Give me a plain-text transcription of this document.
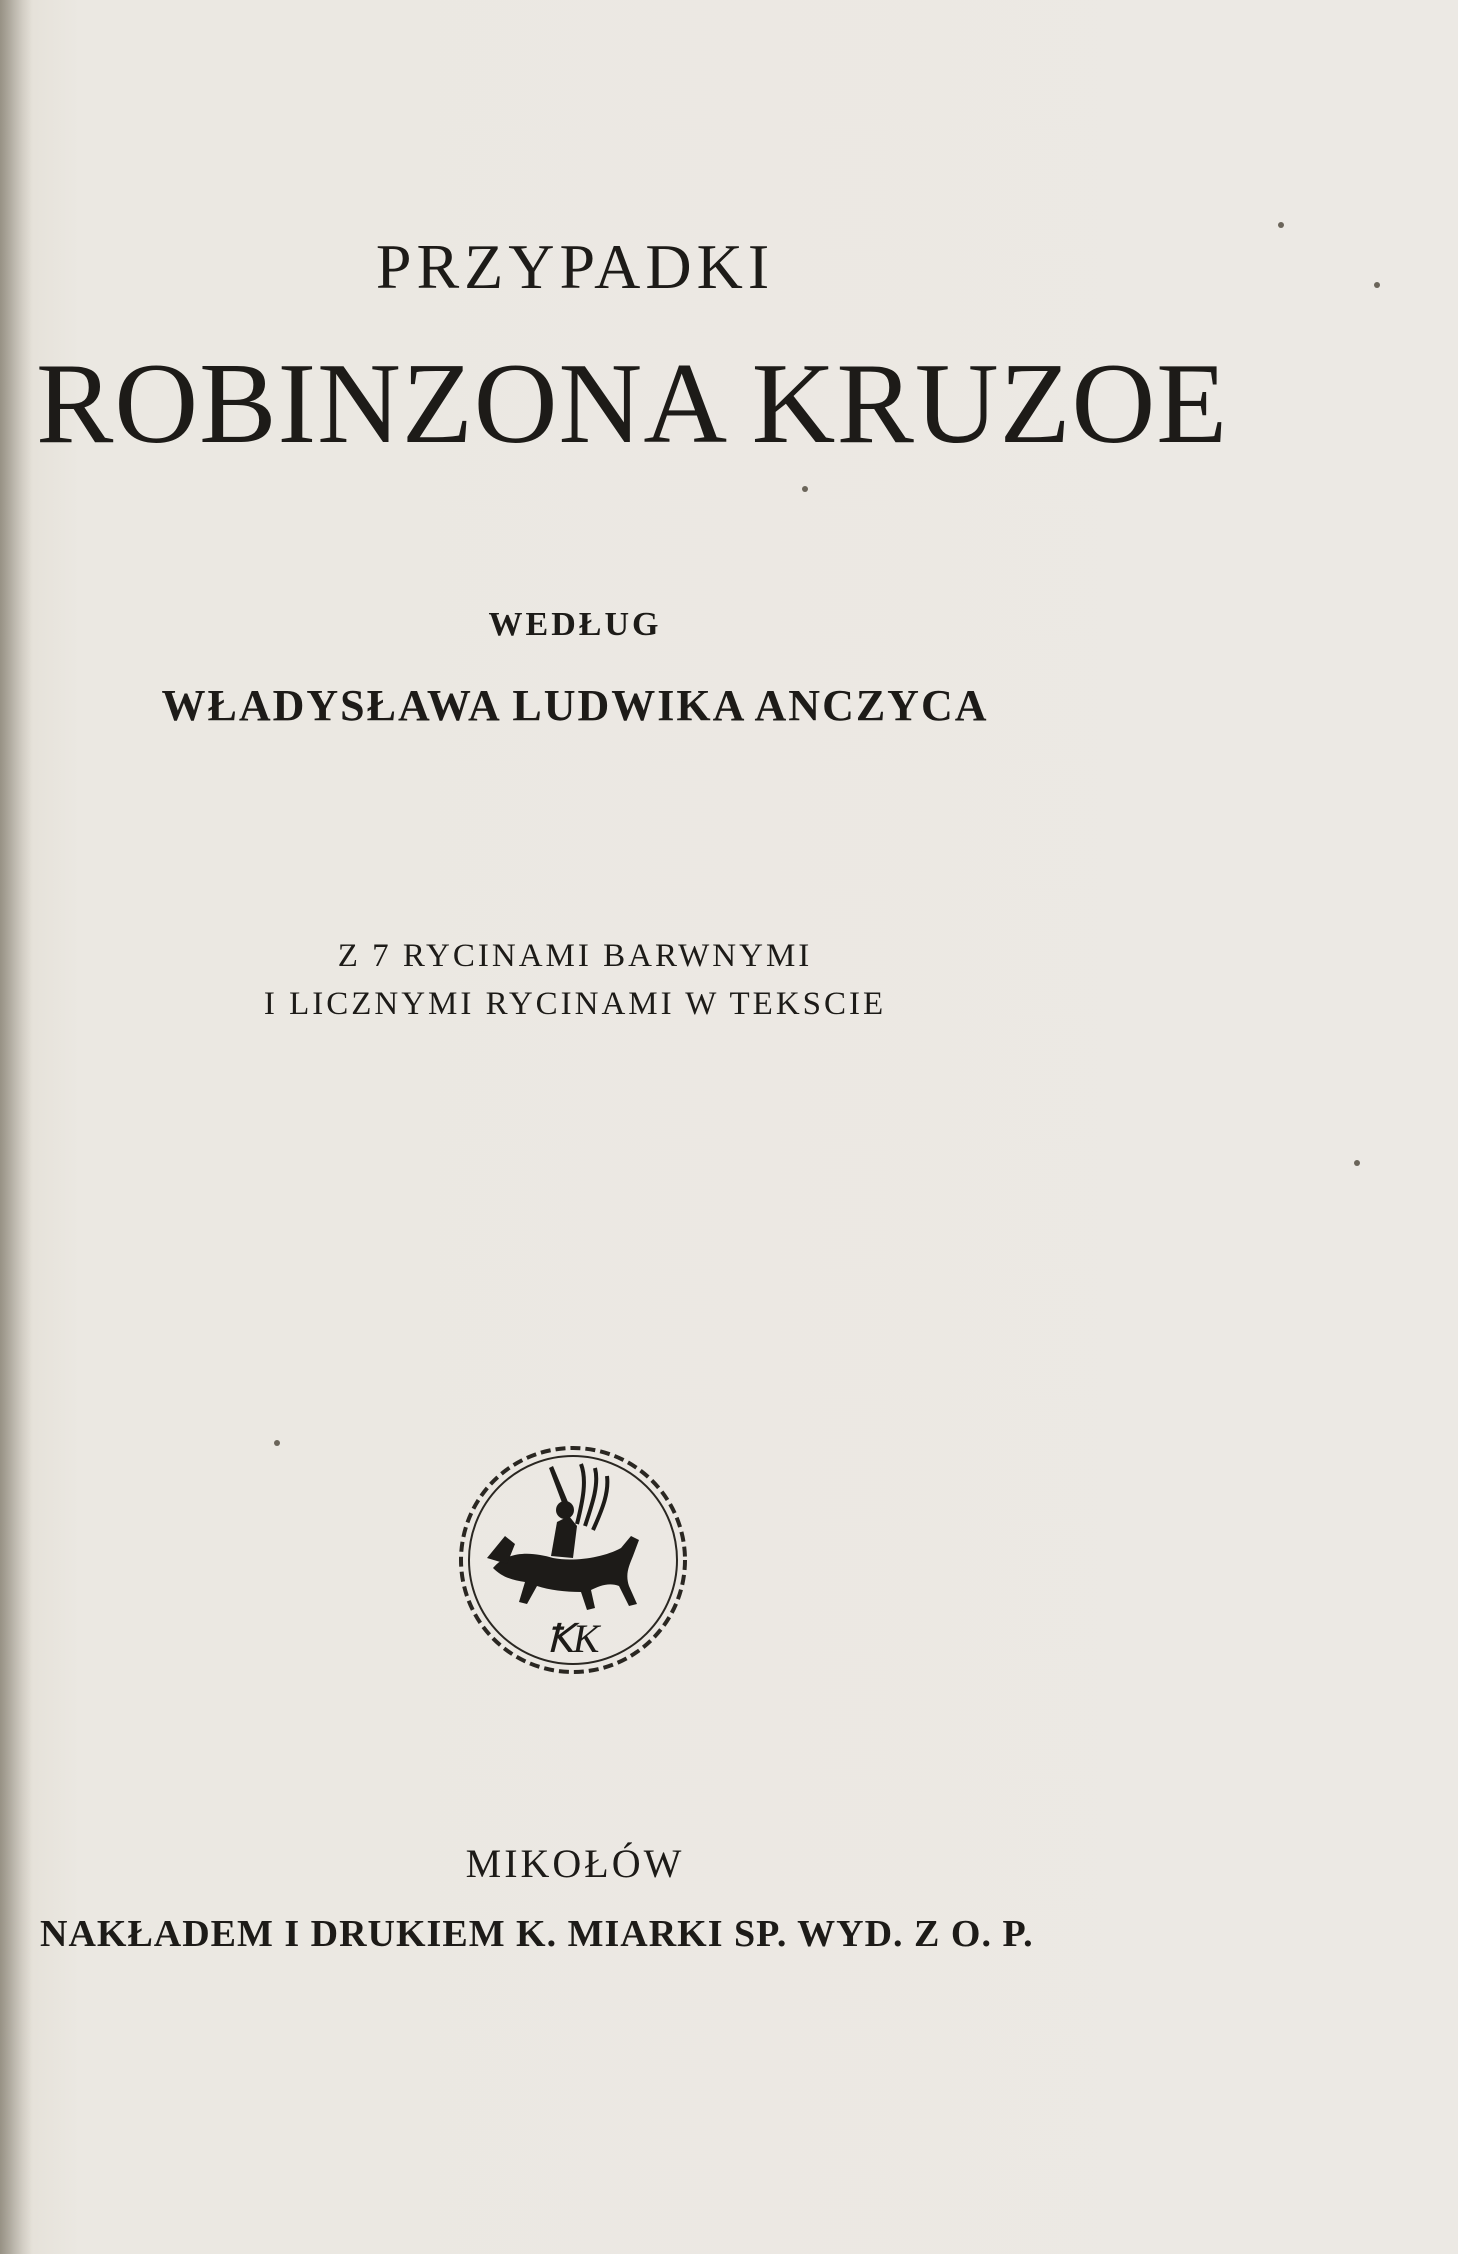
PRZYPADKI
ROBINZONA KRUZOE
WEDŁUG
WŁADYSŁAWA LUDWIKA ANCZYCA
Z 7 RYCINAMI BARWNYMI
I LICZNYMI RYCINAMI W TEKSCIE
ꝀK
MIKOŁÓW
NAKŁADEM I DRUKIEM K. MIARKI SP. WYD. Z O. P.
